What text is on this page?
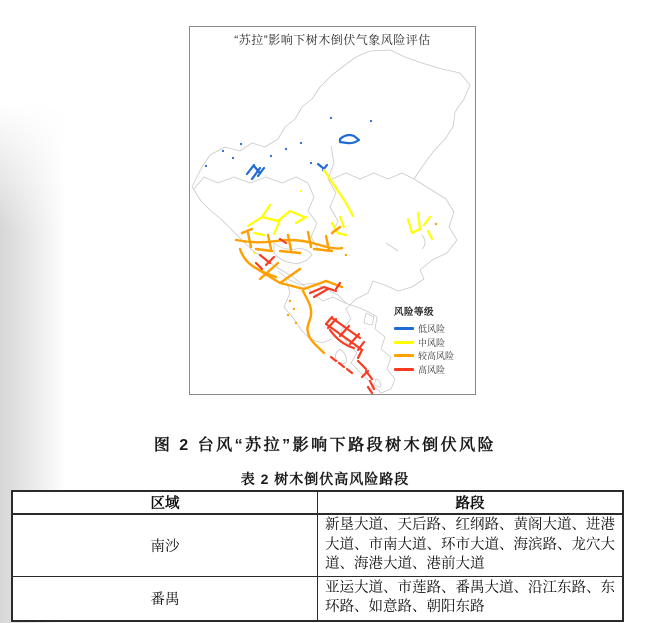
“苏拉”影响下树木倒伏气象风险评估
风险等级
低风险
中风险
较高风险
高风险
图 2 台风“苏拉”影响下路段树木倒伏风险
表 2 树木倒伏高风险路段
区域	路段
南沙	新垦大道、天后路、红纲路、黄阁大道、进港大道、市南大道、环市大道、海滨路、龙穴大道、海港大道、港前大道
番禺	亚运大道、市莲路、番禺大道、沿江东路、东环路、如意路、朝阳东路
